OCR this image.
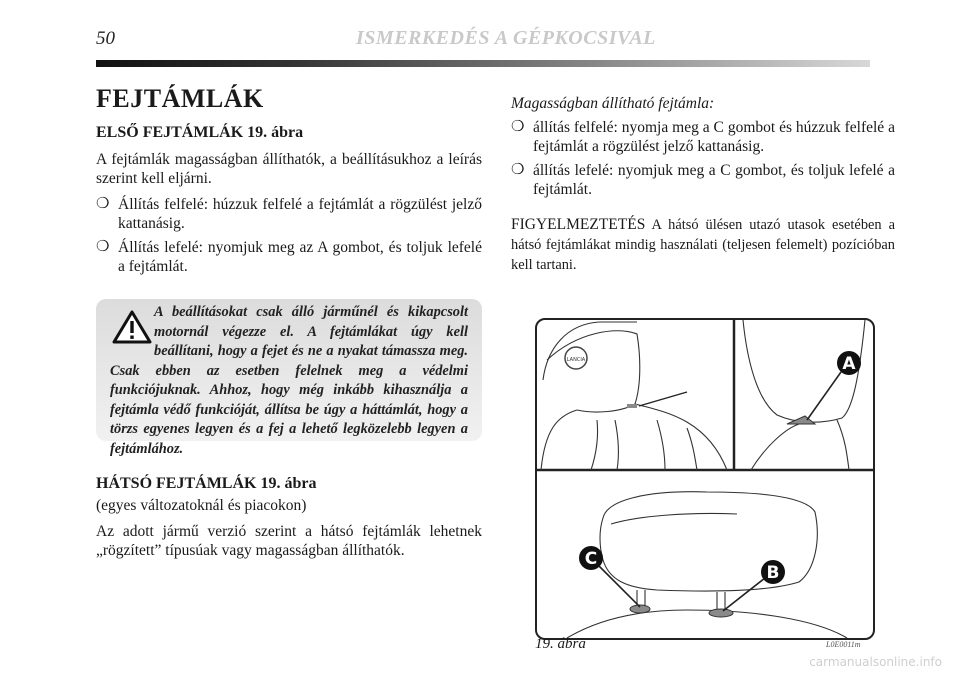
50	ISMERKEDÉS A GÉPKOCSIVAL
FEJTÁMLÁK
ELSŐ FEJTÁMLÁK 19. ábra

A fejtámlák magasságban állíthatók, a beállításukhoz a leírás szerint kell eljárni.

❍ Állítás felfelé: húzzuk felfelé a fejtámlát a rögzülést jelző kattanásig.
❍ Állítás lefelé: nyomjuk meg az A gombot, és toljuk lefelé a fejtámlát.
A beállításokat csak álló járműnél és kikapcsolt motornál végezze el. A fejtámlákat úgy kell beállítani, hogy a fejet és ne a nyakat támassza meg. Csak ebben az esetben felelnek meg a védelmi funkciójuknak. Ahhoz, hogy még inkább kihasználja a fejtámla védő funkcióját, állítsa be úgy a háttámlát, hogy a törzs egyenes legyen és a fej a lehető legközelebb legyen a fejtámlához.
HÁTSÓ FEJTÁMLÁK 19. ábra

(egyes változatoknál és piacokon)

Az adott jármű verzió szerint a hátsó fejtámlák lehetnek „rögzített” típusúak vagy magasságban állíthatók.

Magasságban állítható fejtámla:

❍ állítás felfelé: nyomja meg a C gombot és húzzuk felfelé a fejtámlát a rögzülést jelző kattanásig.
❍ állítás lefelé: nyomjuk meg a C gombot, és toljuk lefelé a fejtámlát.

FIGYELMEZTETÉS A hátsó ülésen utazó utasok esetében a hátsó fejtámlákat mindig használati (teljesen felemelt) pozícióban kell tartani.

LANCIA	A
C
B
19. ábra	L0E0011m
carmanualsonline.info
